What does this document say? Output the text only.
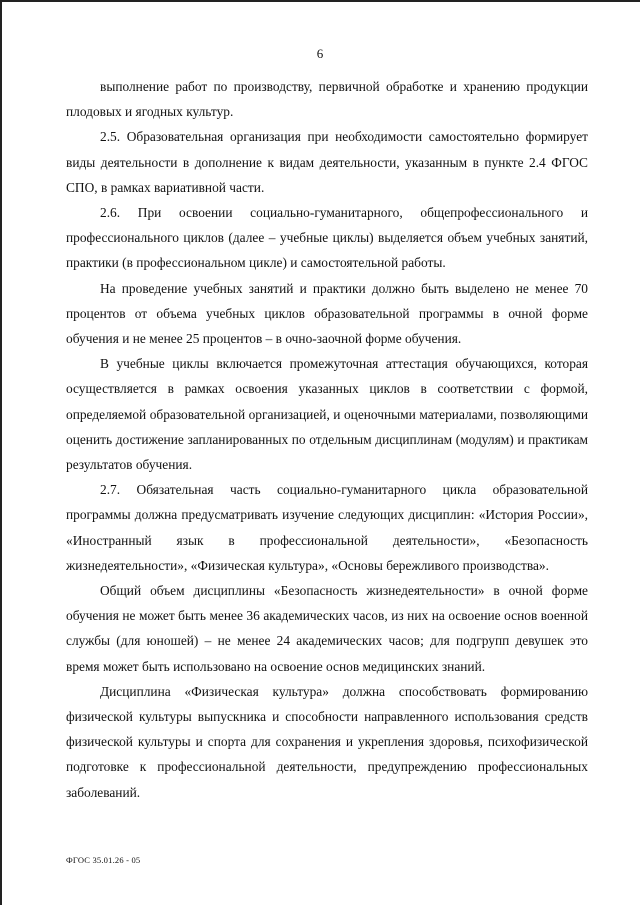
6

выполнение работ по производству, первичной обработке и хранению продукции плодовых и ягодных культур.

2.5. Образовательная организация при необходимости самостоятельно формирует виды деятельности в дополнение к видам деятельности, указанным в пункте 2.4 ФГОС СПО, в рамках вариативной части.

2.6. При освоении социально-гуманитарного, общепрофессионального и профессионального циклов (далее – учебные циклы) выделяется объем учебных занятий, практики (в профессиональном цикле) и самостоятельной работы.

На проведение учебных занятий и практики должно быть выделено не менее 70 процентов от объема учебных циклов образовательной программы в очной форме обучения и не менее 25 процентов – в очно-заочной форме обучения.

В учебные циклы включается промежуточная аттестация обучающихся, которая осуществляется в рамках освоения указанных циклов в соответствии с формой, определяемой образовательной организацией, и оценочными материалами, позволяющими оценить достижение запланированных по отдельным дисциплинам (модулям) и практикам результатов обучения.

2.7. Обязательная часть социально-гуманитарного цикла образовательной программы должна предусматривать изучение следующих дисциплин: «История России», «Иностранный язык в профессиональной деятельности», «Безопасность жизнедеятельности», «Физическая культура», «Основы бережливого производства».

Общий объем дисциплины «Безопасность жизнедеятельности» в очной форме обучения не может быть менее 36 академических часов, из них на освоение основ военной службы (для юношей) – не менее 24 академических часов; для подгрупп девушек это время может быть использовано на освоение основ медицинских знаний.

Дисциплина «Физическая культура» должна способствовать формированию физической культуры выпускника и способности направленного использования средств физической культуры и спорта для сохранения и укрепления здоровья, психофизической подготовке к профессиональной деятельности, предупреждению профессиональных заболеваний.

ФГОС 35.01.26 - 05
